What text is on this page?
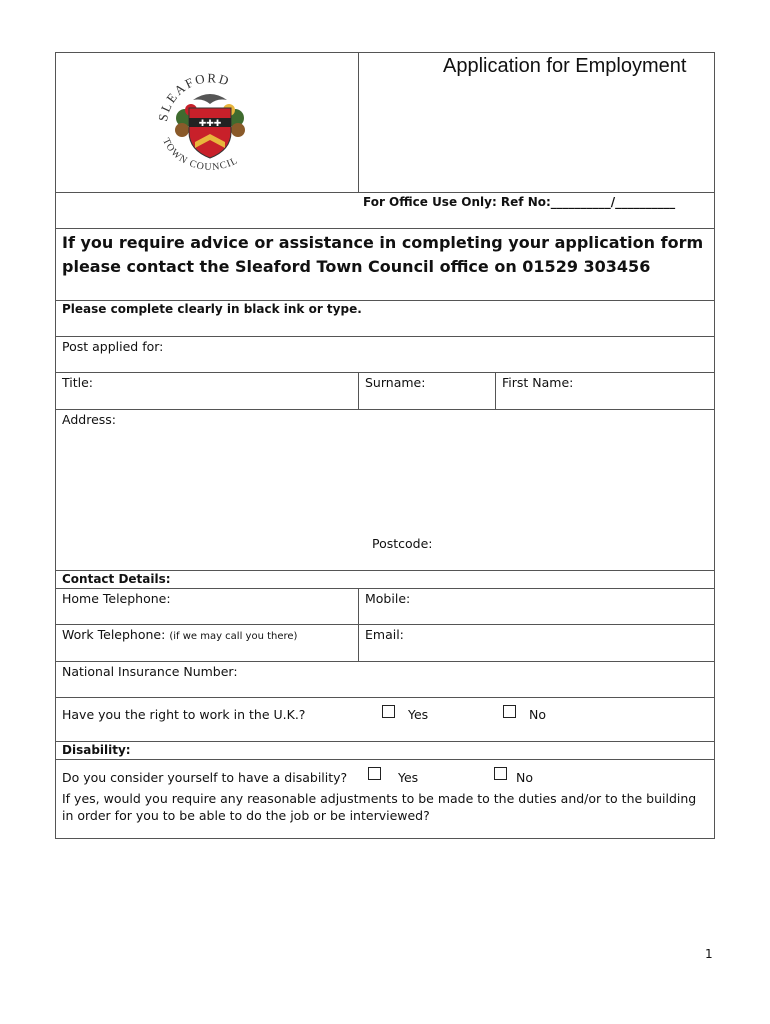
SLEAFORD
TOWN COUNCIL
✚✚✚
Application for Employment
For Office Use Only: Ref No:__________/__________
If you require advice or assistance in completing your application form
please contact the Sleaford Town Council office on 01529 303456
Please complete clearly in black ink or type.
Post applied for:
Title:	Surname:	First Name:
Address:
Postcode:
Contact Details:
Home Telephone:	Mobile:
Work Telephone: (if we may call you there)	Email:
National Insurance Number:
Have you the right to work in the U.K.?	Yes	No
Disability:
Do you consider yourself to have a disability?	Yes	No
If yes, would you require any reasonable adjustments to be made to the duties and/or to the building
in order for you to be able to do the job or be interviewed?
1
